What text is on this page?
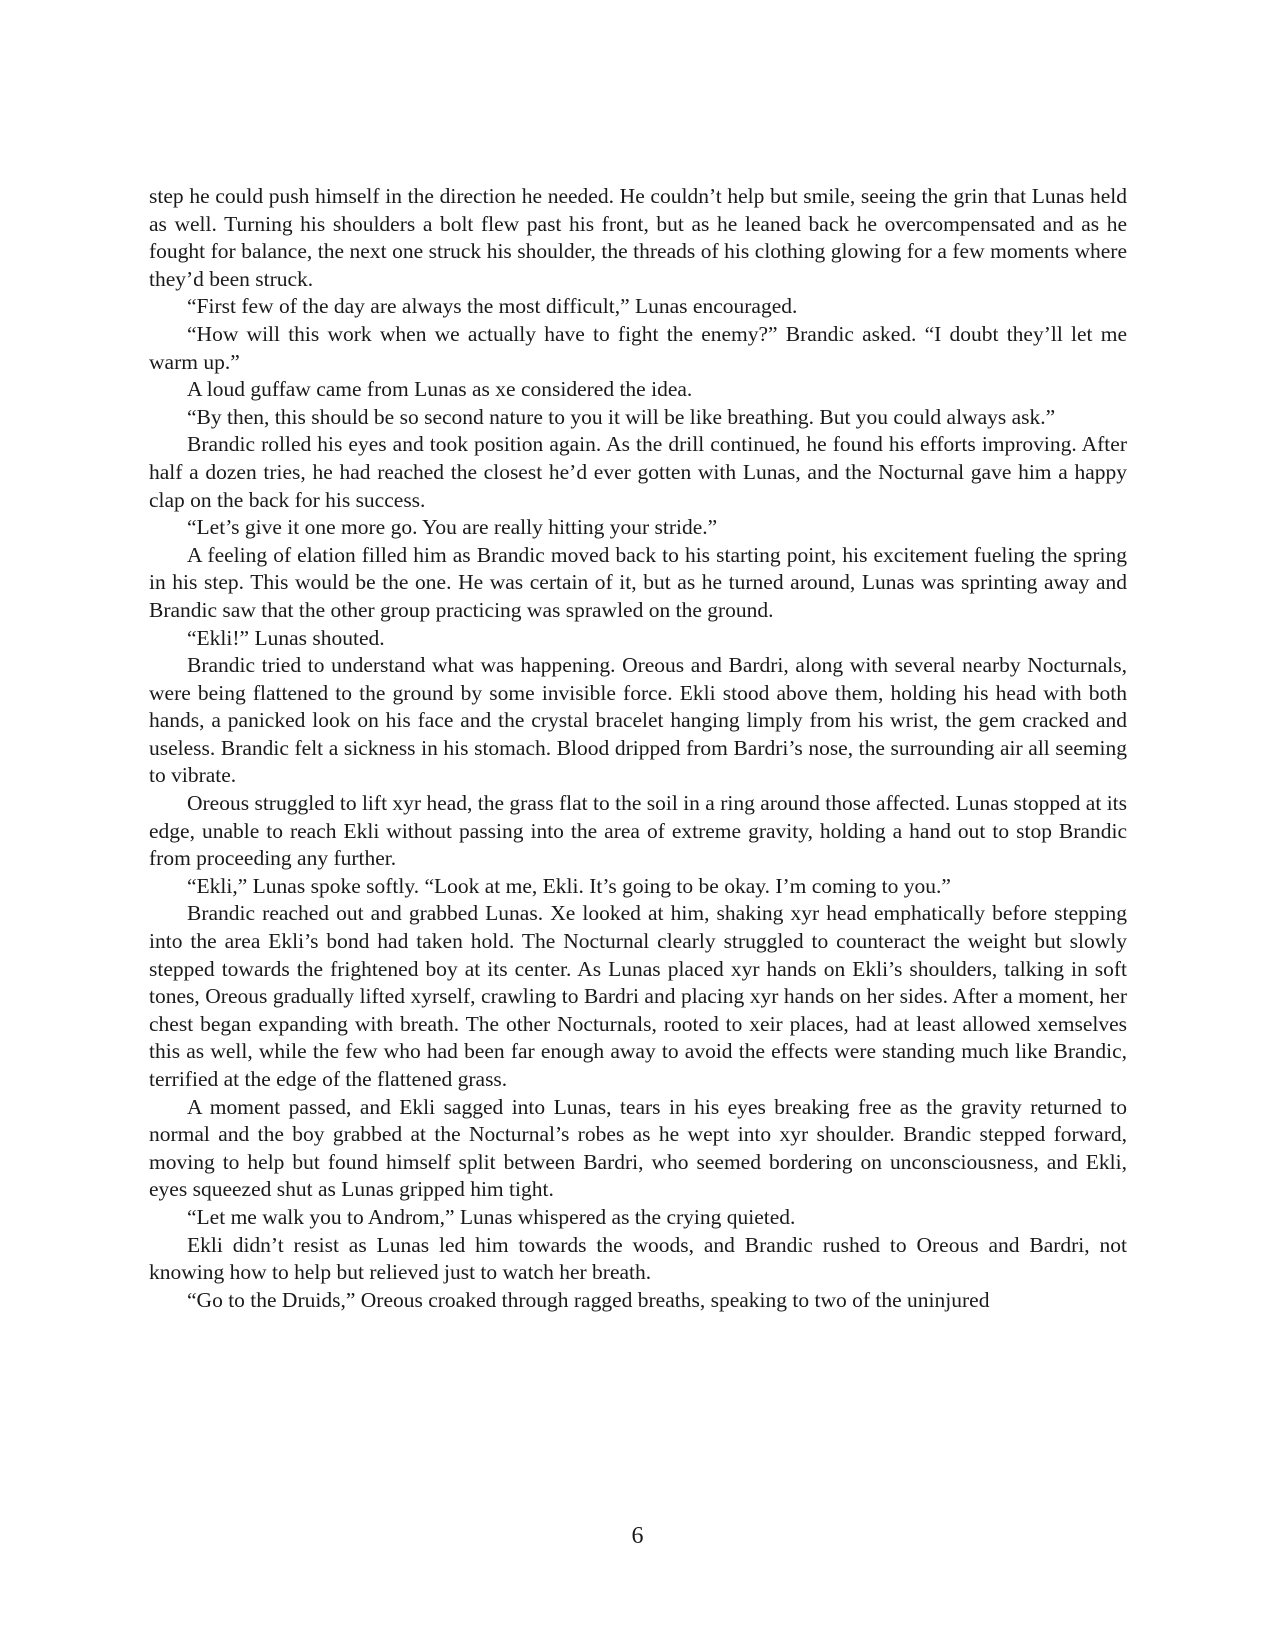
step he could push himself in the direction he needed. He couldn’t help but smile, seeing the grin that Lunas held as well. Turning his shoulders a bolt flew past his front, but as he leaned back he overcompensated and as he fought for balance, the next one struck his shoulder, the threads of his clothing glowing for a few moments where they’d been struck.

“First few of the day are always the most difficult,” Lunas encouraged.

“How will this work when we actually have to fight the enemy?” Brandic asked. “I doubt they’ll let me warm up.”

A loud guffaw came from Lunas as xe considered the idea.

“By then, this should be so second nature to you it will be like breathing. But you could always ask.”

Brandic rolled his eyes and took position again. As the drill continued, he found his efforts improving. After half a dozen tries, he had reached the closest he’d ever gotten with Lunas, and the Nocturnal gave him a happy clap on the back for his success.

“Let’s give it one more go. You are really hitting your stride.”

A feeling of elation filled him as Brandic moved back to his starting point, his excitement fueling the spring in his step. This would be the one. He was certain of it, but as he turned around, Lunas was sprinting away and Brandic saw that the other group practicing was sprawled on the ground.

“Ekli!” Lunas shouted.

Brandic tried to understand what was happening. Oreous and Bardri, along with several nearby Nocturnals, were being flattened to the ground by some invisible force. Ekli stood above them, holding his head with both hands, a panicked look on his face and the crystal bracelet hanging limply from his wrist, the gem cracked and useless. Brandic felt a sickness in his stomach. Blood dripped from Bardri’s nose, the surrounding air all seeming to vibrate.

Oreous struggled to lift xyr head, the grass flat to the soil in a ring around those affected. Lunas stopped at its edge, unable to reach Ekli without passing into the area of extreme gravity, holding a hand out to stop Brandic from proceeding any further.

“Ekli,” Lunas spoke softly. “Look at me, Ekli. It’s going to be okay. I’m coming to you.”

Brandic reached out and grabbed Lunas. Xe looked at him, shaking xyr head emphatically before stepping into the area Ekli’s bond had taken hold. The Nocturnal clearly struggled to counteract the weight but slowly stepped towards the frightened boy at its center. As Lunas placed xyr hands on Ekli’s shoulders, talking in soft tones, Oreous gradually lifted xyrself, crawling to Bardri and placing xyr hands on her sides. After a moment, her chest began expanding with breath. The other Nocturnals, rooted to xeir places, had at least allowed xemselves this as well, while the few who had been far enough away to avoid the effects were standing much like Brandic, terrified at the edge of the flattened grass.

A moment passed, and Ekli sagged into Lunas, tears in his eyes breaking free as the gravity returned to normal and the boy grabbed at the Nocturnal’s robes as he wept into xyr shoulder. Brandic stepped forward, moving to help but found himself split between Bardri, who seemed bordering on unconsciousness, and Ekli, eyes squeezed shut as Lunas gripped him tight.

“Let me walk you to Androm,” Lunas whispered as the crying quieted.

Ekli didn’t resist as Lunas led him towards the woods, and Brandic rushed to Oreous and Bardri, not knowing how to help but relieved just to watch her breath.

“Go to the Druids,” Oreous croaked through ragged breaths, speaking to two of the uninjured

6
